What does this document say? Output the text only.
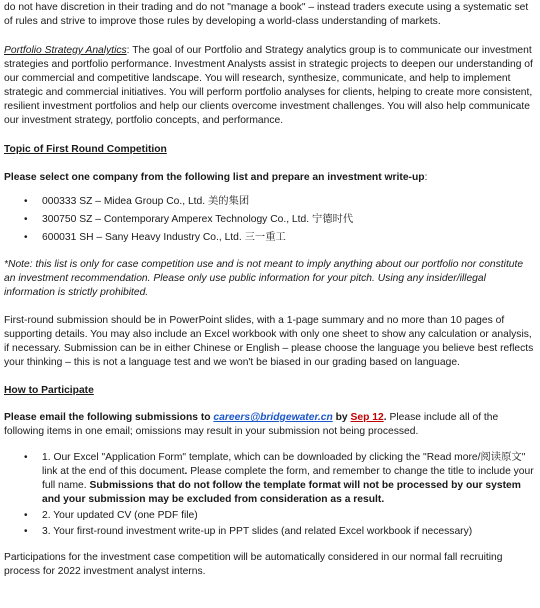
do not have discretion in their trading and do not "manage a book" – instead traders execute using a systematic set of rules and strive to improve those rules by developing a world-class understanding of markets.

Portfolio Strategy Analytics: The goal of our Portfolio and Strategy analytics group is to communicate our investment strategies and portfolio performance. Investment Analysts assist in strategic projects to deepen our understanding of our commercial and competitive landscape. You will research, synthesize, communicate, and help to implement strategic and commercial initiatives. You will perform portfolio analyses for clients, helping to create more consistent, resilient investment portfolios and help our clients overcome investment challenges. You will also help communicate our investment strategy, portfolio concepts, and performance.

Topic of First Round Competition

Please select one company from the following list and prepare an investment write-up:

• 000333 SZ – Midea Group Co., Ltd. 美的集团
• 300750 SZ – Contemporary Amperex Technology Co., Ltd. 宁德时代
• 600031 SH – Sany Heavy Industry Co., Ltd. 三一重工

*Note: this list is only for case competition use and is not meant to imply anything about our portfolio nor constitute an investment recommendation. Please only use public information for your pitch. Using any insider/illegal information is strictly prohibited.

First-round submission should be in PowerPoint slides, with a 1-page summary and no more than 10 pages of supporting details. You may also include an Excel workbook with only one sheet to show any calculation or analysis, if necessary. Submission can be in either Chinese or English – please choose the language you believe best reflects your thinking – this is not a language test and we won't be biased in our grading based on language.

How to Participate

Please email the following submissions to careers@bridgewater.cn by Sep 12. Please include all of the following items in one email; omissions may result in your submission not being processed.

• 1. Our Excel "Application Form" template, which can be downloaded by clicking the "Read more/阅读原文" link at the end of this document. Please complete the form, and remember to change the title to include your full name. Submissions that do not follow the template format will not be processed by our system and your submission may be excluded from consideration as a result.
• 2. Your updated CV (one PDF file)
• 3. Your first-round investment write-up in PPT slides (and related Excel workbook if necessary)

Participations for the investment case competition will be automatically considered in our normal fall recruiting process for 2022 investment analyst interns.
